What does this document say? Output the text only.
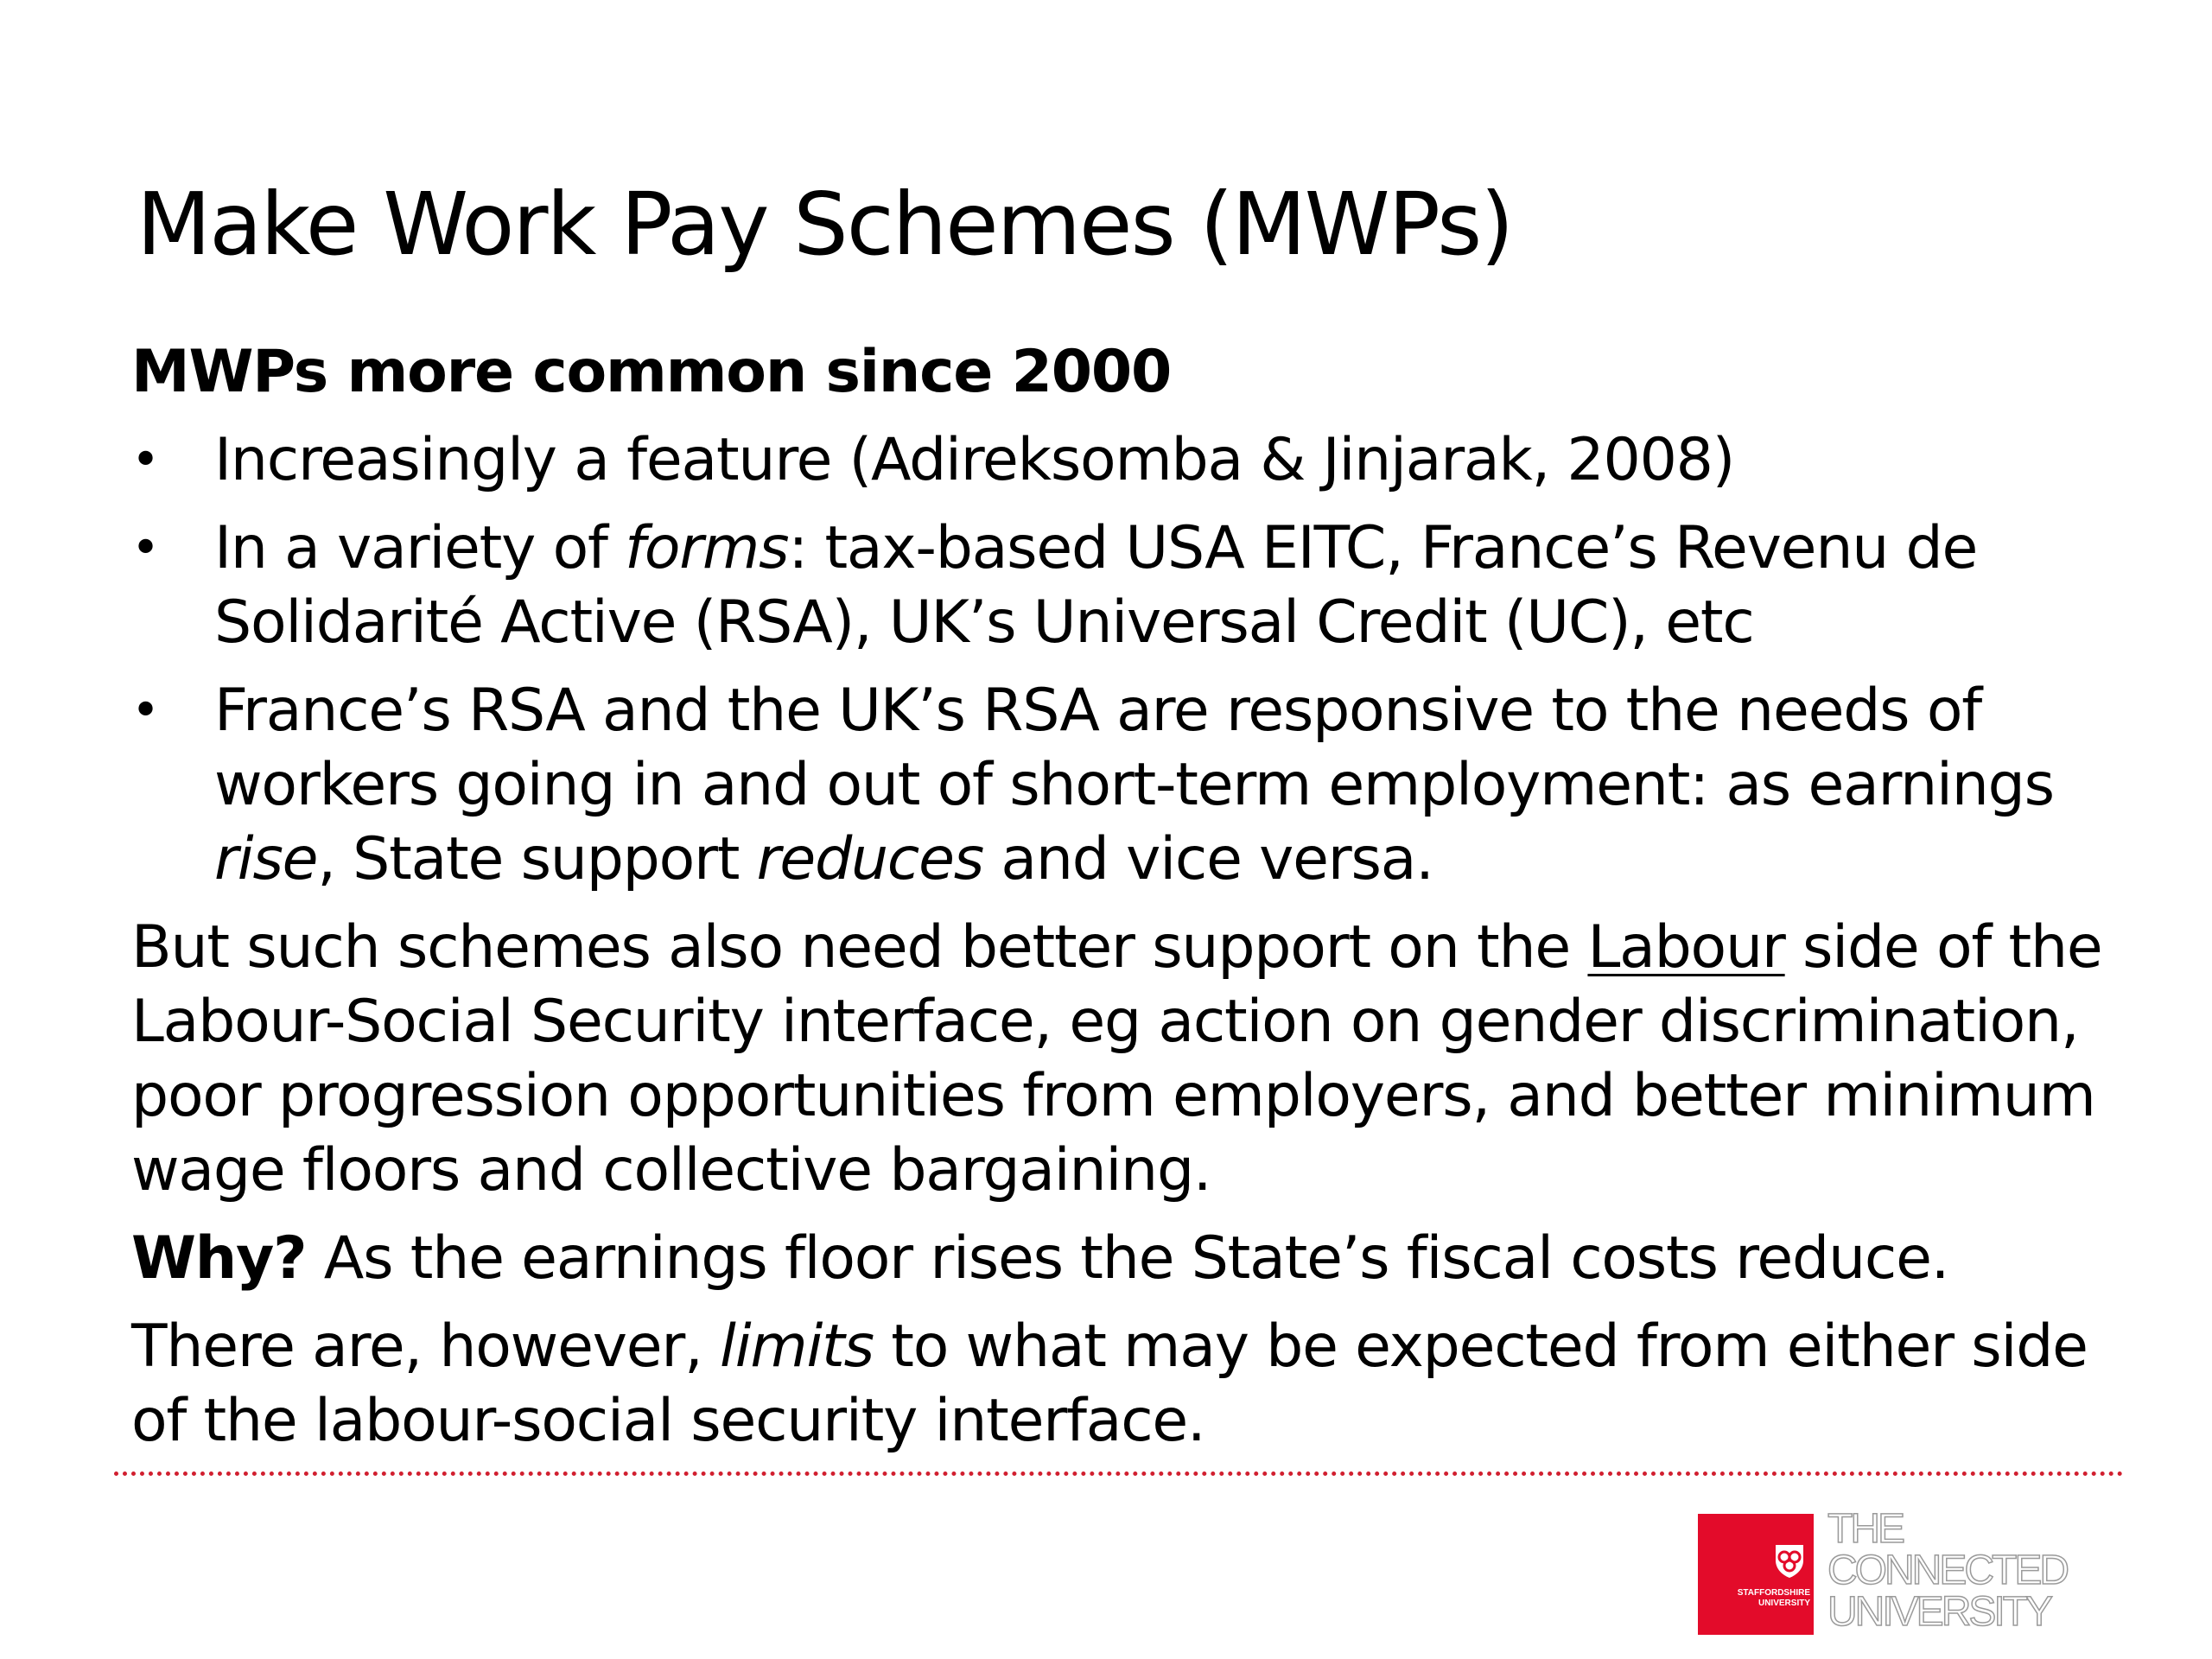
Make Work Pay Schemes (MWPs)

MWPs more common since 2000

• Increasingly a feature (Adireksomba & Jinjarak, 2008)
• In a variety of forms: tax-based USA EITC, France’s Revenu de Solidarité Active (RSA), UK’s Universal Credit (UC), etc
• France’s RSA and the UK’s RSA are responsive to the needs of workers going in and out of short-term employment: as earnings rise, State support reduces and vice versa.

But such schemes also need better support on the Labour side of the Labour-Social Security interface, eg action on gender discrimination, poor progression opportunities from employers, and better minimum wage floors and collective bargaining.

Why? As the earnings floor rises the State’s fiscal costs reduce.

There are, however, limits to what may be expected from either side of the labour-social security interface.

STAFFORDSHIRE
UNIVERSITY
THE
CONNECTED
UNIVERSITY
